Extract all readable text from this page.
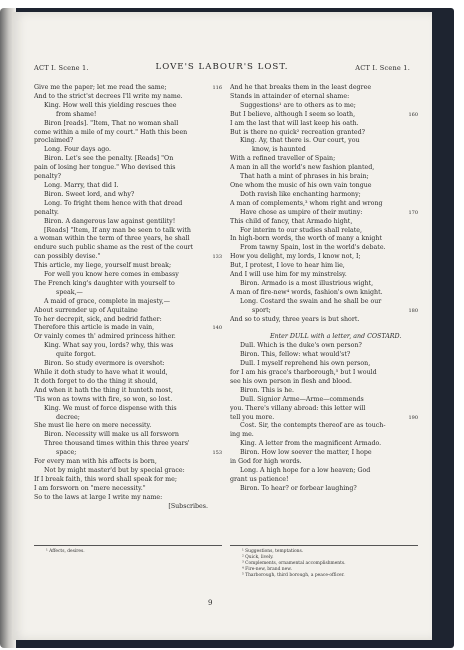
ACT I. Scene 1.	LOVE'S LABOUR'S LOST.	ACT I. Scene 1.
Give me the paper; let me read the same;	116
And to the strict'st decrees I'll write my name.
King. How well this yielding rescues thee
from shame!
Biron [reads]. "Item, That no woman shall
come within a mile of my court." Hath this been
proclaimed?
Long. Four days ago.
Biron. Let's see the penalty. [Reads] "On
pain of losing her tongue." Who devised this
penalty?
Long. Marry, that did I.
Biron. Sweet lord, and why?
Long. To fright them hence with that dread
penalty.
Biron. A dangerous law against gentility!
[Reads] "Item, If any man be seen to talk with
a woman within the term of three years, he shall
endure such public shame as the rest of the court
can possibly devise."	133
This article, my liege, yourself must break;
For well you know here comes in embassy
The French king's daughter with yourself to
speak,—
A maid of grace, complete in majesty,—
About surrender up of Aquitaine
To her decrepit, sick, and bedrid father:
Therefore this article is made in vain,	140
Or vainly comes th' admired princess hither.
King. What say you, lords? why, this was
quite forgot.
Biron. So study evermore is overshot:
While it doth study to have what it would,
It doth forget to do the thing it should,
And when it hath the thing it hunteth most,
'Tis won as towns with fire, so won, so lost.
King. We must of force dispense with this
decree;
She must lie here on mere necessity.
Biron. Necessity will make us all forsworn
Three thousand times within this three years'
space;	153
For every man with his affects is born,
Not by might master'd but by special grace:
If I break faith, this word shall speak for me;
I am forsworn on "mere necessity."
So to the laws at large I write my name:
[Subscribes.
And he that breaks them in the least degree
Stands in attainder of eternal shame:
Suggestions¹ are to others as to me;
But I believe, although I seem so loath,	160
I am the last that will last keep his oath.
But is there no quick² recreation granted?
King. Ay, that there is. Our court, you
know, is haunted
With a refined traveller of Spain;
A man in all the world's new fashion planted,
That hath a mint of phrases in his brain;
One whom the music of his own vain tongue
Doth ravish like enchanting harmony;
A man of complements,³ whom right and wrong
Have chose as umpire of their mutiny:	170
This child of fancy, that Armado hight,
For interim to our studies shall relate,
In high-born words, the worth of many a knight
From tawny Spain, lost in the world's debate.
How you delight, my lords, I know not, I;
But, I protest, I love to hear him lie,
And I will use him for my minstrelsy.
Biron. Armado is a most illustrious wight,
A man of fire-new⁴ words, fashion's own knight.
Long. Costard the swain and he shall be our
sport;	180
And so to study, three years is but short.

Enter DULL with a letter, and COSTARD.
Dull. Which is the duke's own person?
Biron. This, fellow: what would'st?
Dull. I myself reprehend his own person,
for I am his grace's tharborough,⁵ but I would
see his own person in flesh and blood.
Biron. This is he.
Dull. Signior Arme—Arme—commends
you. There's villany abroad: this letter will
tell you more.	190
Cost. Sir, the contempts thereof are as touch-
ing me.
King. A letter from the magnificent Armado.
Biron. How low soever the matter, I hope
in God for high words.
Long. A high hope for a low heaven; God
grant us patience!
Biron. To hear? or forbear laughing?
¹ Affects, desires.	¹ Suggestions, temptations.
² Quick, lively.
³ Complements, ornamental accomplishments.
⁴ Fire-new, brand new.
⁵ Tharborough, third borough, a peace-officer.
9
